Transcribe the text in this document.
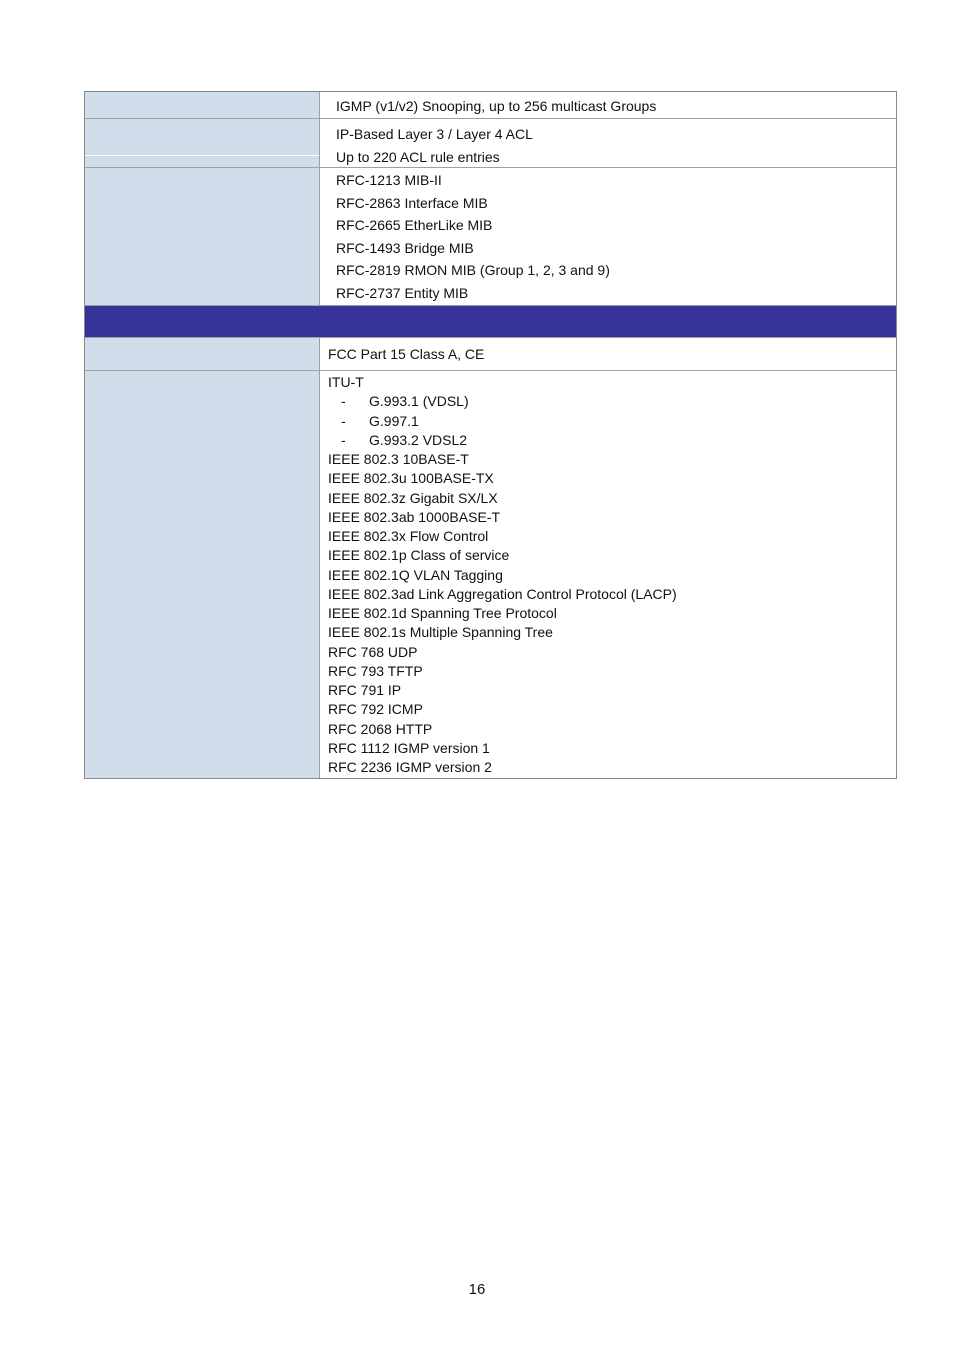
IGMP (v1/v2) Snooping, up to 256 multicast Groups
IP-Based Layer 3 / Layer 4 ACL
Up to 220 ACL rule entries
RFC-1213 MIB-II
RFC-2863 Interface MIB
RFC-2665 EtherLike MIB
RFC-1493 Bridge MIB
RFC-2819 RMON MIB (Group 1, 2, 3 and 9)
RFC-2737 Entity MIB
FCC Part 15 Class A, CE
ITU-T
- G.993.1 (VDSL)
- G.997.1
- G.993.2 VDSL2
IEEE 802.3 10BASE-T
IEEE 802.3u 100BASE-TX
IEEE 802.3z Gigabit SX/LX
IEEE 802.3ab 1000BASE-T
IEEE 802.3x Flow Control
IEEE 802.1p Class of service
IEEE 802.1Q VLAN Tagging
IEEE 802.3ad Link Aggregation Control Protocol (LACP)
IEEE 802.1d Spanning Tree Protocol
IEEE 802.1s Multiple Spanning Tree
RFC 768 UDP
RFC 793 TFTP
RFC 791 IP
RFC 792 ICMP
RFC 2068 HTTP
RFC 1112 IGMP version 1
RFC 2236 IGMP version 2
16
